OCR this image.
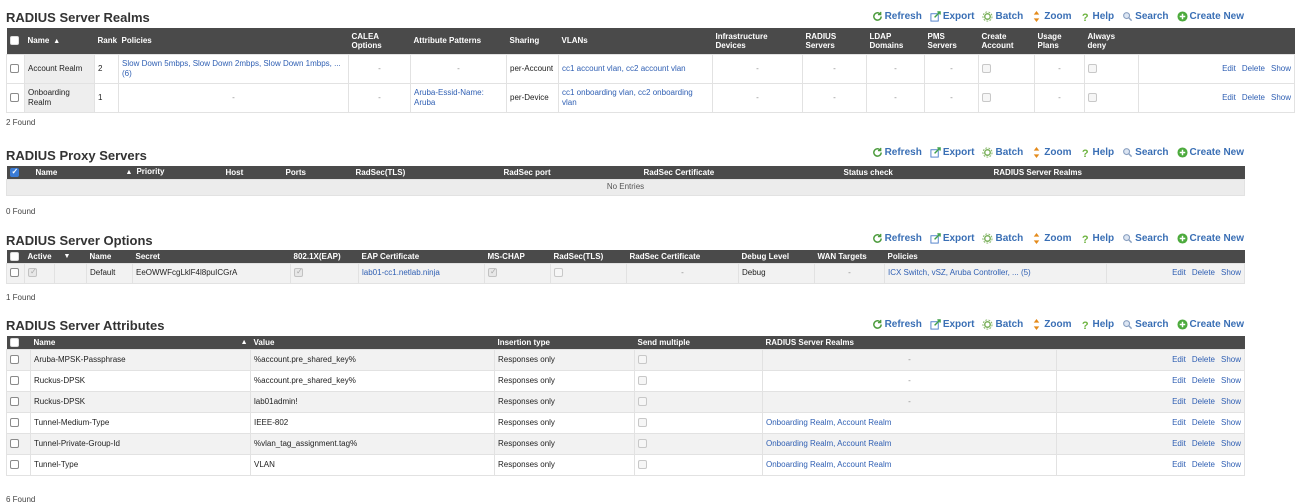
RADIUS Server Realms	Refresh Export Batch Zoom ? Help Search Create New
	Name ▲	Rank	Policies	CALEA Options	Attribute Patterns	Sharing	VLANs	Infrastructure Devices	RADIUS Servers	LDAP Domains	PMS Servers	Create Account	Usage Plans	Always deny	
	Account Realm	2	Slow Down 5mbps, Slow Down 2mbps, Slow Down 1mbps, ... (6)	-	-	per-Account	cc1 account vlan, cc2 account vlan	-	-	-	-		-		Edit Delete Show
	Onboarding Realm	1	-	-	Aruba-Essid-Name: Aruba	per-Device	cc1 onboarding vlan, cc2 onboarding vlan	-	-	-	-		-		Edit Delete Show
2 Found
RADIUS Proxy Servers	Refresh Export Batch Zoom ? Help Search Create New
✓	Name	▲ Priority	Host	Ports	RadSec(TLS)	RadSec port	RadSec Certificate	Status check	RADIUS Server Realms
No Entries
0 Found
RADIUS Server Options	Refresh Export Batch Zoom ? Help Search Create New
	Active	▼	Name	Secret	802.1X(EAP)	EAP Certificate	MS-CHAP	RadSec(TLS)	RadSec Certificate	Debug Level	WAN Targets	Policies	
	✓		Default	EeOWWFcgLklF4l8puICGrA	✓	lab01-cc1.netlab.ninja	✓		-	Debug	-	ICX Switch, vSZ, Aruba Controller, ... (5)	Edit Delete Show
1 Found
RADIUS Server Attributes	Refresh Export Batch Zoom ? Help Search Create New
	Name ▲	Value	Insertion type	Send multiple	RADIUS Server Realms	
	Aruba-MPSK-Passphrase	%account.pre_shared_key%	Responses only		-	Edit Delete Show
	Ruckus-DPSK	%account.pre_shared_key%	Responses only		-	Edit Delete Show
	Ruckus-DPSK	lab01admin!	Responses only		-	Edit Delete Show
	Tunnel-Medium-Type	IEEE-802	Responses only		Onboarding Realm, Account Realm	Edit Delete Show
	Tunnel-Private-Group-Id	%vlan_tag_assignment.tag%	Responses only		Onboarding Realm, Account Realm	Edit Delete Show
	Tunnel-Type	VLAN	Responses only		Onboarding Realm, Account Realm	Edit Delete Show
6 Found
